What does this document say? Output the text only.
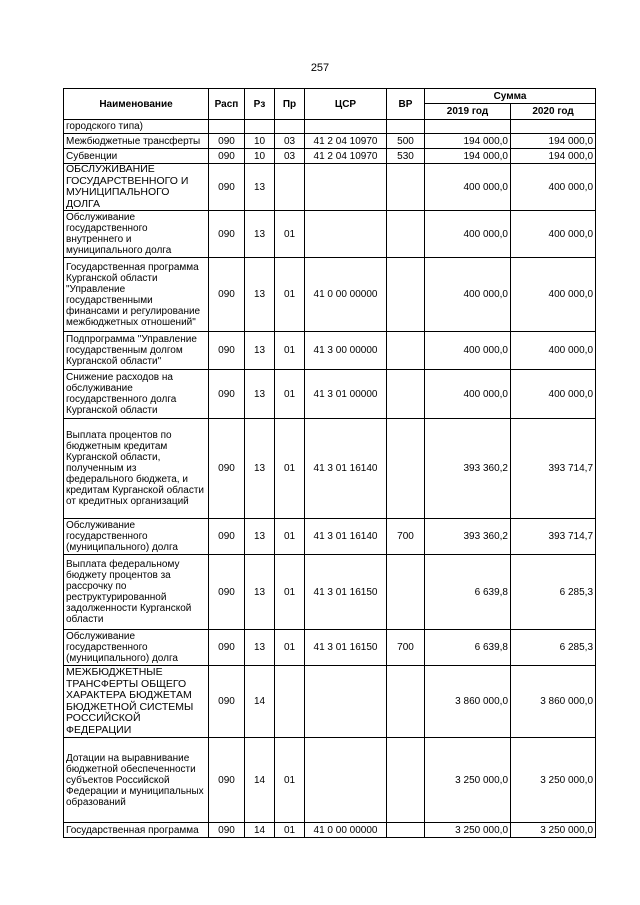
257
Наименование	Расп	Рз	Пр	ЦСР	ВР	Сумма	
						2019 год	2020 год
городского типа)							
Межбюджетные трансферты	090	10	03	41 2 04 10970	500	194 000,0	194 000,0
Субвенции	090	10	03	41 2 04 10970	530	194 000,0	194 000,0
ОБСЛУЖИВАНИЕ ГОСУДАРСТВЕННОГО И МУНИЦИПАЛЬНОГО ДОЛГА	090	13				400 000,0	400 000,0
Обслуживание государственного внутреннего и муниципального долга	090	13	01			400 000,0	400 000,0
Государственная программа Курганской области "Управление государственными финансами и регулирование межбюджетных отношений"	090	13	01	41 0 00 00000		400 000,0	400 000,0
Подпрограмма "Управление государственным долгом Курганской области"	090	13	01	41 3 00 00000		400 000,0	400 000,0
Снижение расходов на обслуживание государственного долга Курганской области	090	13	01	41 3 01 00000		400 000,0	400 000,0
Выплата процентов по бюджетным кредитам Курганской области, полученным из федерального бюджета, и кредитам Курганской области от кредитных организаций	090	13	01	41 3 01 16140		393 360,2	393 714,7
Обслуживание государственного (муниципального) долга	090	13	01	41 3 01 16140	700	393 360,2	393 714,7
Выплата федеральному бюджету процентов за рассрочку по реструктурированной задолженности Курганской области	090	13	01	41 3 01 16150		6 639,8	6 285,3
Обслуживание государственного (муниципального) долга	090	13	01	41 3 01 16150	700	6 639,8	6 285,3
МЕЖБЮДЖЕТНЫЕ ТРАНСФЕРТЫ ОБЩЕГО ХАРАКТЕРА БЮДЖЕТАМ БЮДЖЕТНОЙ СИСТЕМЫ РОССИЙСКОЙ ФЕДЕРАЦИИ	090	14				3 860 000,0	3 860 000,0
Дотации на выравнивание бюджетной обеспеченности субъектов Российской Федерации и муниципальных образований	090	14	01			3 250 000,0	3 250 000,0
Государственная программа	090	14	01	41 0 00 00000		3 250 000,0	3 250 000,0
